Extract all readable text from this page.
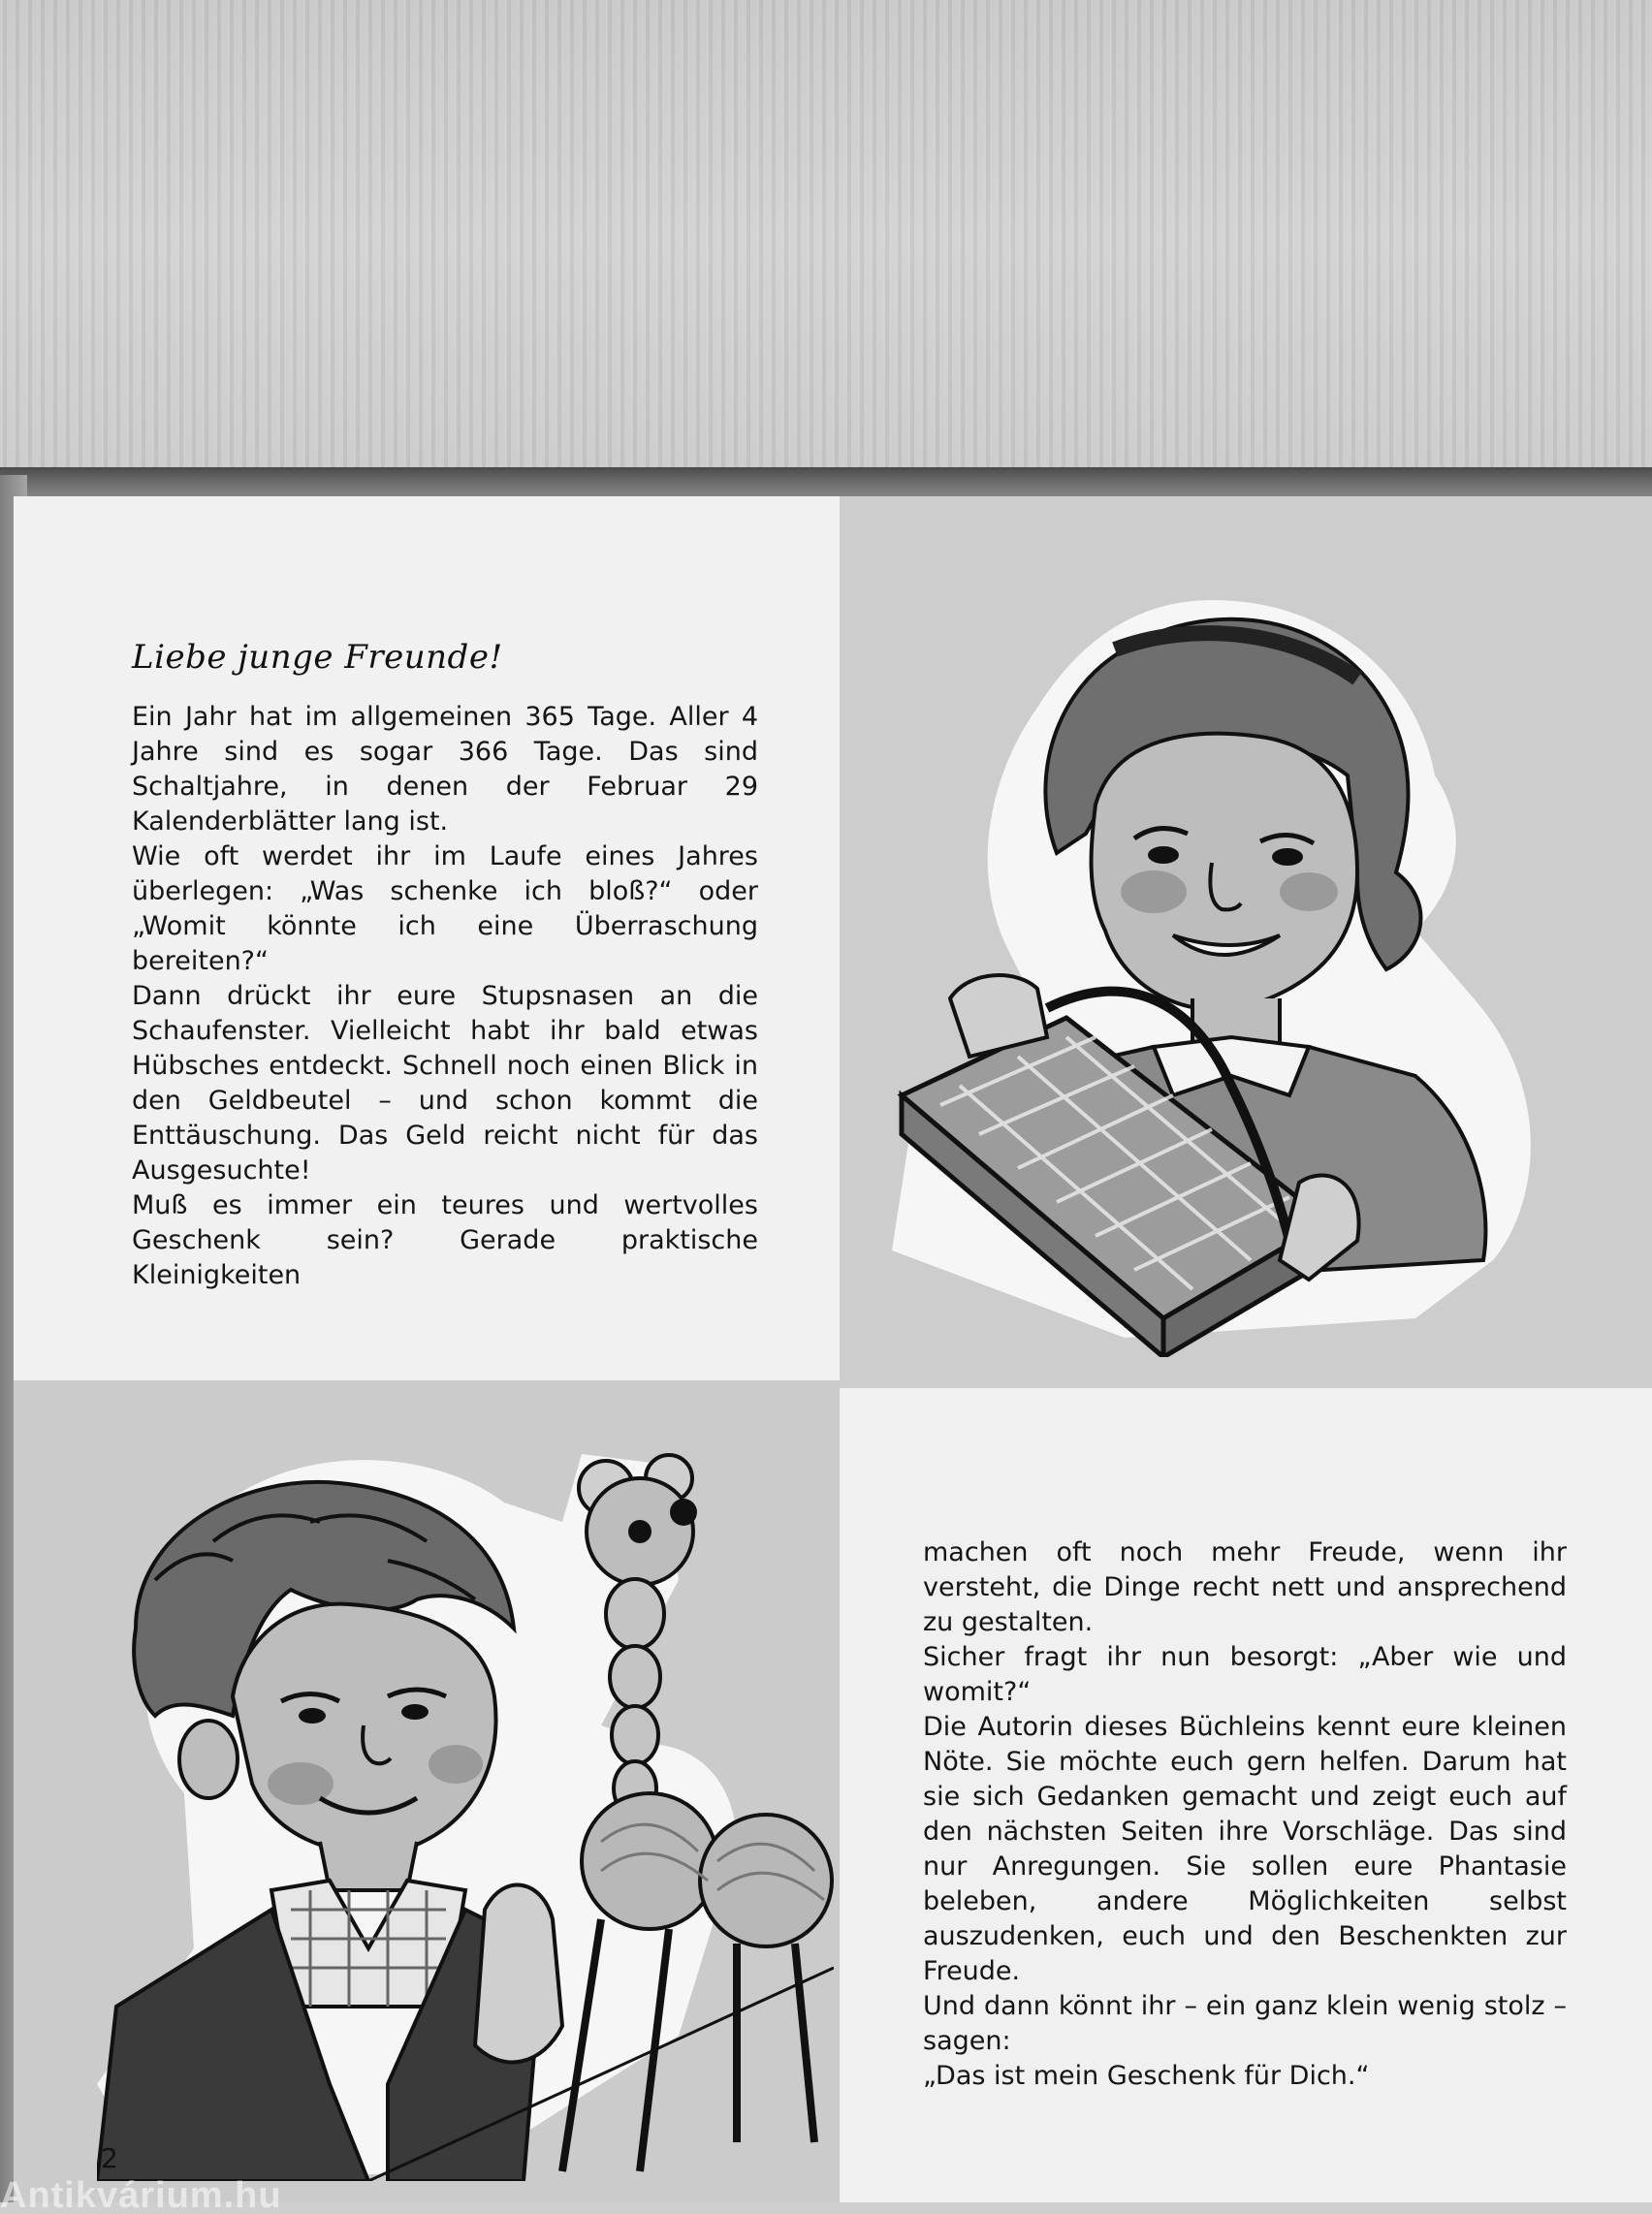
Liebe junge Freunde!
Ein Jahr hat im allgemeinen 365 Tage. Aller 4 Jahre sind es sogar 366 Tage. Das sind Schaltjahre, in denen der Februar 29 Kalenderblätter lang ist.
Wie oft werdet ihr im Laufe eines Jahres überlegen: „Was schenke ich bloß?“ oder „Womit könnte ich eine Überraschung bereiten?“
Dann drückt ihr eure Stupsnasen an die Schaufenster. Vielleicht habt ihr bald etwas Hübsches entdeckt. Schnell noch einen Blick in den Geldbeutel – und schon kommt die Enttäuschung. Das Geld reicht nicht für das Ausgesuchte!
Muß es immer ein teures und wertvolles Geschenk sein? Gerade praktische Kleinigkeiten
machen oft noch mehr Freude, wenn ihr versteht, die Dinge recht nett und ansprechend zu gestalten.
Sicher fragt ihr nun besorgt: „Aber wie und womit?“
Die Autorin dieses Büchleins kennt eure kleinen Nöte. Sie möchte euch gern helfen. Darum hat sie sich Gedanken gemacht und zeigt euch auf den nächsten Seiten ihre Vorschläge. Das sind nur Anregungen. Sie sollen eure Phantasie beleben, andere Möglichkeiten selbst auszudenken, euch und den Beschenkten zur Freude.
Und dann könnt ihr – ein ganz klein wenig stolz – sagen:
„Das ist mein Geschenk für Dich.“
2
Antikvárium.hu
